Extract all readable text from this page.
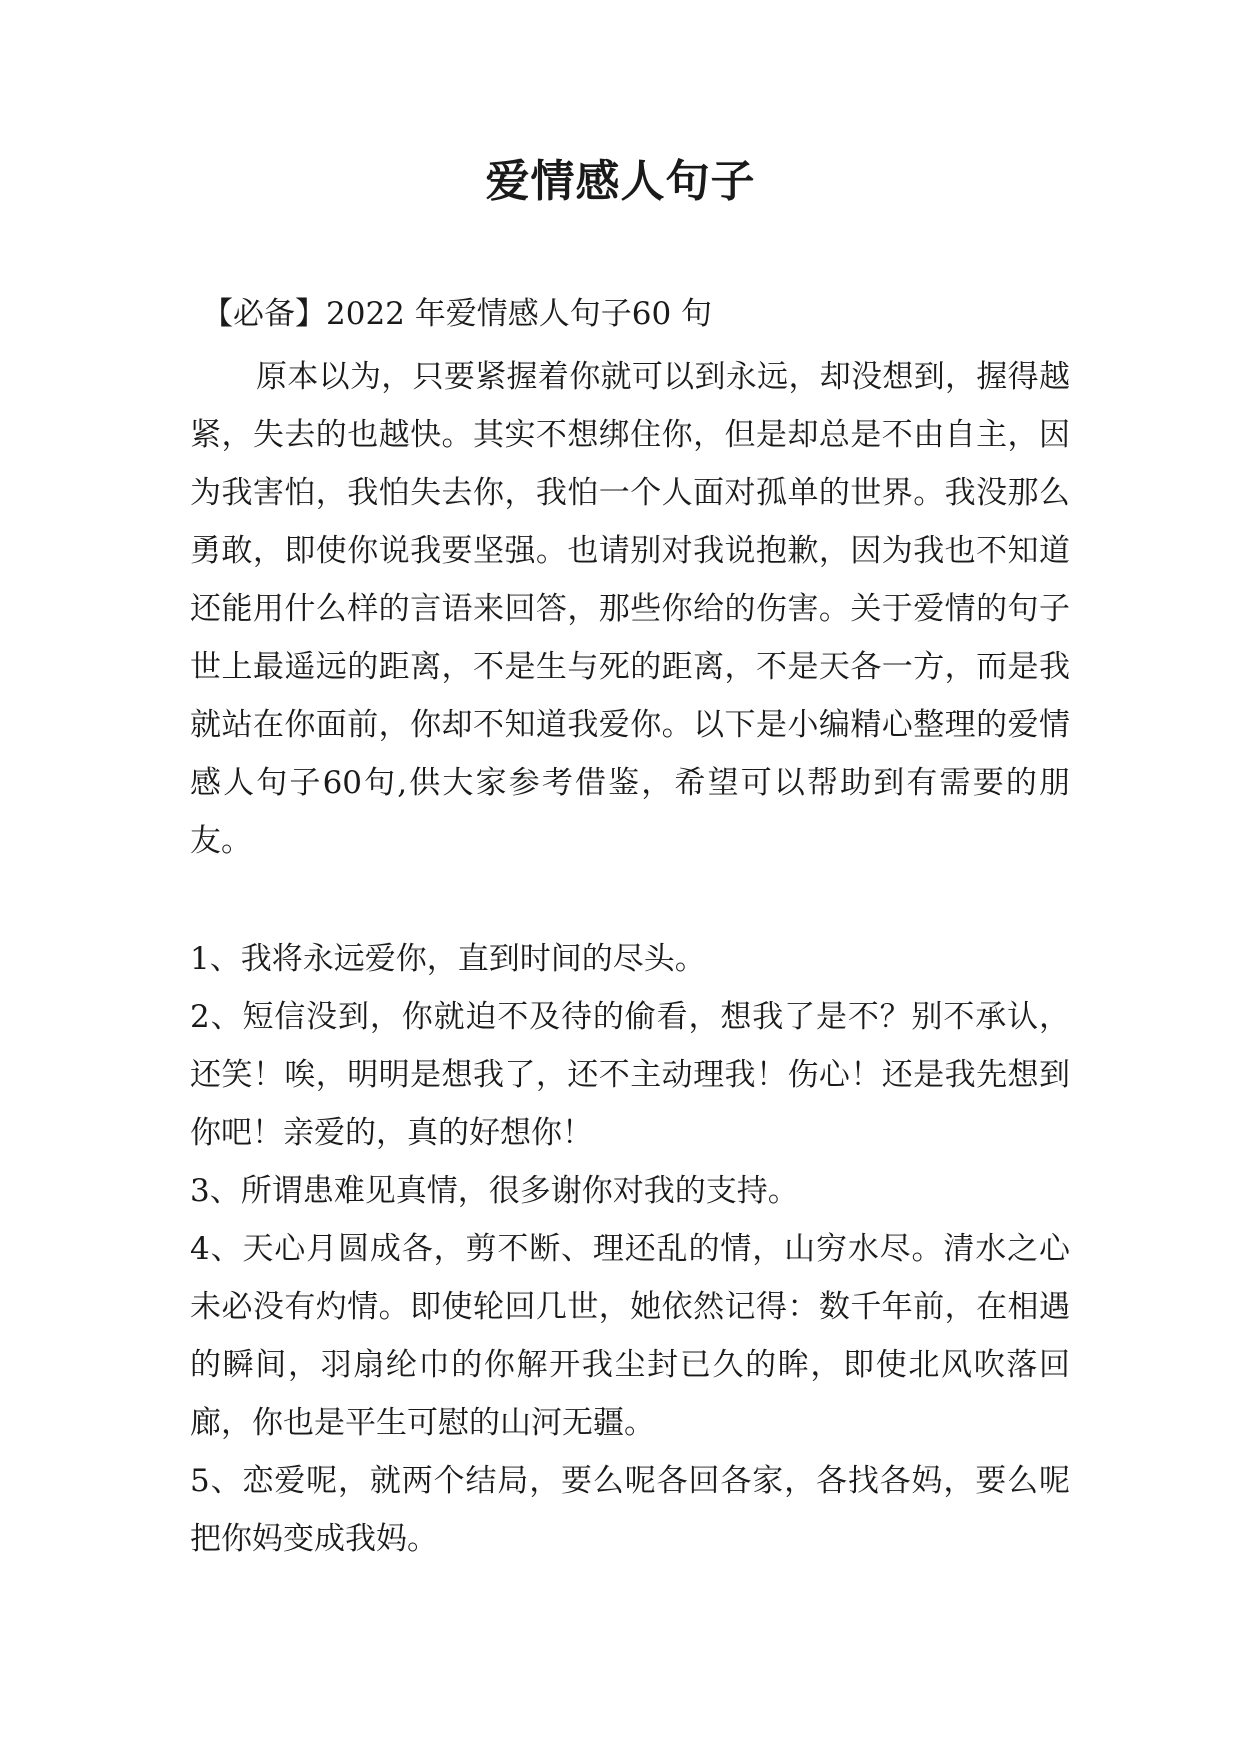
爱情感人句子

【必备】2022 年爱情感人句子60 句

原本以为，只要紧握着你就可以到永远，却没想到，握得越紧，失去的也越快。其实不想绑住你，但是却总是不由自主，因为我害怕，我怕失去你，我怕一个人面对孤单的世界。我没那么勇敢，即使你说我要坚强。也请别对我说抱歉，因为我也不知道还能用什么样的言语来回答，那些你给的伤害。关于爱情的句子世上最遥远的距离，不是生与死的距离，不是天各一方，而是我就站在你面前，你却不知道我爱你。以下是小编精心整理的爱情感人句子60句,供大家参考借鉴，希望可以帮助到有需要的朋友。

1、我将永远爱你，直到时间的尽头。
2、短信没到，你就迫不及待的偷看，想我了是不？别不承认，还笑！唉，明明是想我了，还不主动理我！伤心！还是我先想到你吧！亲爱的，真的好想你！
3、所谓患难见真情，很多谢你对我的支持。
4、天心月圆成各，剪不断、理还乱的情，山穷水尽。清水之心未必没有灼情。即使轮回几世，她依然记得：数千年前，在相遇的瞬间，羽扇纶巾的你解开我尘封已久的眸，即使北风吹落回廊，你也是平生可慰的山河无疆。
5、恋爱呢，就两个结局，要么呢各回各家，各找各妈，要么呢把你妈变成我妈。
